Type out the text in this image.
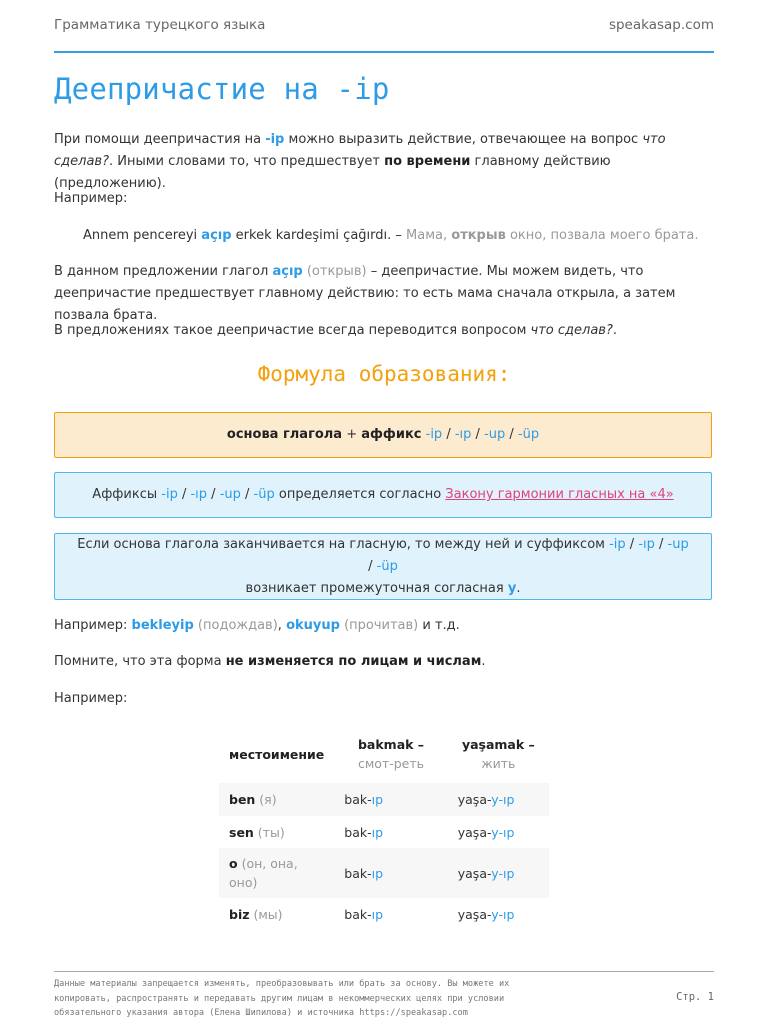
Грамматика турецкого языка	speakasap.com
Деепричастие на -ip

При помощи деепричастия на -ip можно выразить действие, отвечающее на вопрос что сделав?. Иными словами то, что предшествует по времени главному действию (предложению).

Например:

Annem pencereyi açıp erkek kardeşimi çağırdı. – Мама, открыв окно, позвала моего брата.

В данном предложении глагол açıp (открыв) – деепричастие. Мы можем видеть, что деепричастие предшествует главному действию: то есть мама сначала открыла, а затем позвала брата.

В предложениях такое деепричастие всегда переводится вопросом что сделав?.

Формула образования:
основа глагола + аффикс -ip / -ıp / -up / -üp
Аффиксы -ip / -ıp / -up / -üp определяется согласно Закону гармонии гласных на «4»
Если основа глагола заканчивается на гласную, то между ней и суффиксом -ip / -ıp / -up / -üp
возникает промежуточная согласная y.

Например: bekleyip (подождав), okuyup (прочитав) и т.д.

Помните, что эта форма не изменяется по лицам и числам.

Например:

местоимение	bakmak – смот-реть	yaşamak – жить
ben (я)	bak-ıp	yaşa-y-ıp
sen (ты)	bak-ıp	yaşa-y-ıp
o (он, она, оно)	bak-ıp	yaşa-y-ıp
biz (мы)	bak-ıp	yaşa-y-ıp

Данные материалы запрещается изменять, преобразовывать или брать за основу. Вы можете их
копировать, распространять и передавать другим лицам в некоммерческих целях при условии
обязательного указания автора (Елена Шипилова) и источника https://speakasap.com

Стр. 1
